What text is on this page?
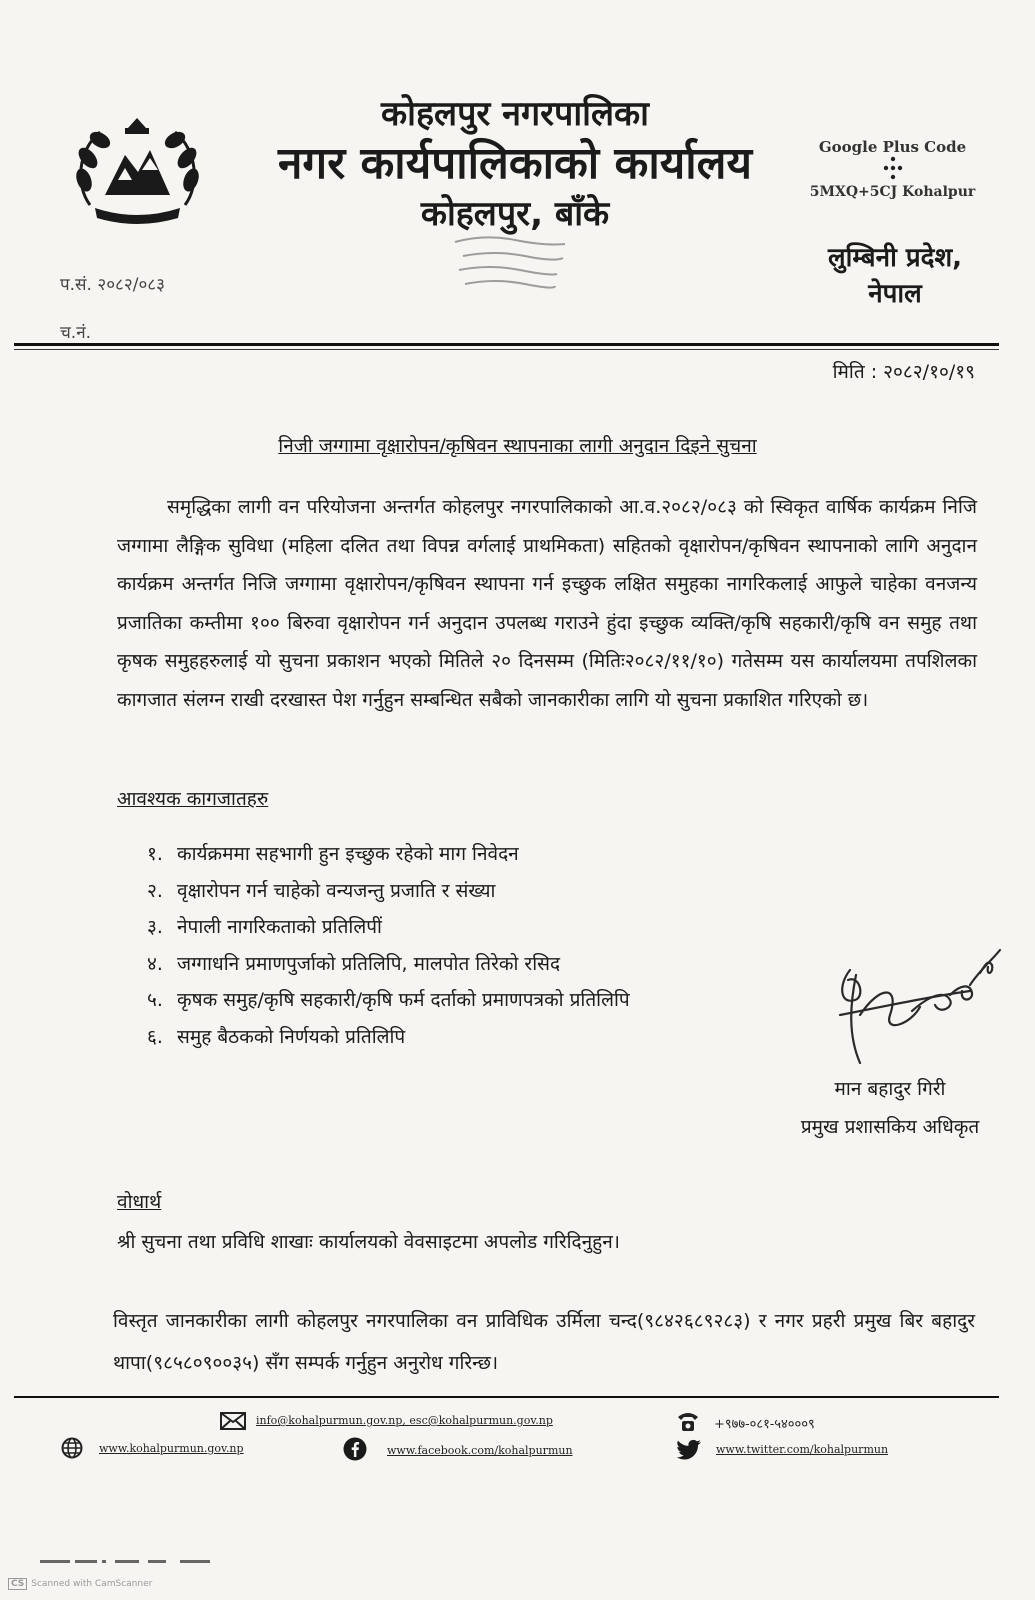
कोहलपुर नगरपालिका
नगर कार्यपालिकाको कार्यालय
कोहलपुर, बाँके
Google Plus Code
5MXQ+5CJ Kohalpur
लुम्बिनी प्रदेश,
नेपाल
प.सं. २०८२/०८३
च.नं.
मिति : २०८२/१०/१९
निजी जग्गामा वृक्षारोपन/कृषिवन स्थापनाका लागी अनुदान दिइने सुचना
समृद्धिका लागी वन परियोजना अन्तर्गत कोहलपुर नगरपालिकाको आ.व.२०८२/०८३ को स्विकृत वार्षिक कार्यक्रम निजि जग्गामा लैङ्गिक सुविधा (महिला दलित तथा विपन्न वर्गलाई प्राथमिकता) सहितको वृक्षारोपन/कृषिवन स्थापनाको लागि अनुदान कार्यक्रम अन्तर्गत निजि जग्गामा वृक्षारोपन/कृषिवन स्थापना गर्न इच्छुक लक्षित समुहका नागरिकलाई आफुले चाहेका वनजन्य प्रजातिका कम्तीमा १०० बिरुवा वृक्षारोपन गर्न अनुदान उपलब्ध गराउने हुंदा इच्छुक व्यक्ति/कृषि सहकारी/कृषि वन समुह तथा कृषक समुहहरुलाई यो सुचना प्रकाशन भएको मितिले २० दिनसम्म (मितिः२०८२/११/१०) गतेसम्म यस कार्यालयमा तपशिलका कागजात संलग्न राखी दरखास्त पेश गर्नुहुन सम्बन्धित सबैको जानकारीका लागि यो सुचना प्रकाशित गरिएको छ।
आवश्यक कागजातहरु
१. कार्यक्रममा सहभागी हुन इच्छुक रहेको माग निवेदन
२. वृक्षारोपन गर्न चाहेको वन्यजन्तु प्रजाति र संख्या
३. नेपाली नागरिकताको प्रतिलिपीं
४. जग्गाधनि प्रमाणपुर्जाको प्रतिलिपि, मालपोत तिरेको रसिद
५. कृषक समुह/कृषि सहकारी/कृषि फर्म दर्ताको प्रमाणपत्रको प्रतिलिपि
६. समुह बैठकको निर्णयको प्रतिलिपि
मान बहादुर गिरी
प्रमुख प्रशासकिय अधिकृत
वोधार्थ
श्री सुचना तथा प्रविधि शाखाः कार्यालयको वेवसाइटमा अपलोड गरिदिनुहुन।
विस्तृत जानकारीका लागी कोहलपुर नगरपालिका वन प्राविधिक उर्मिला चन्द(९८४२६८९२८३) र नगर प्रहरी प्रमुख बिर बहादुर थापा(९८५८०९००३५) सँग सम्पर्क गर्नुहुन अनुरोध गरिन्छ।
info@kohalpurmun.gov.np, esc@kohalpurmun.gov.np	+९७७-०८१-५४०००९
www.kohalpurmun.gov.np	www.facebook.com/kohalpurmun	www.twitter.com/kohalpurmun
CS Scanned with CamScanner
